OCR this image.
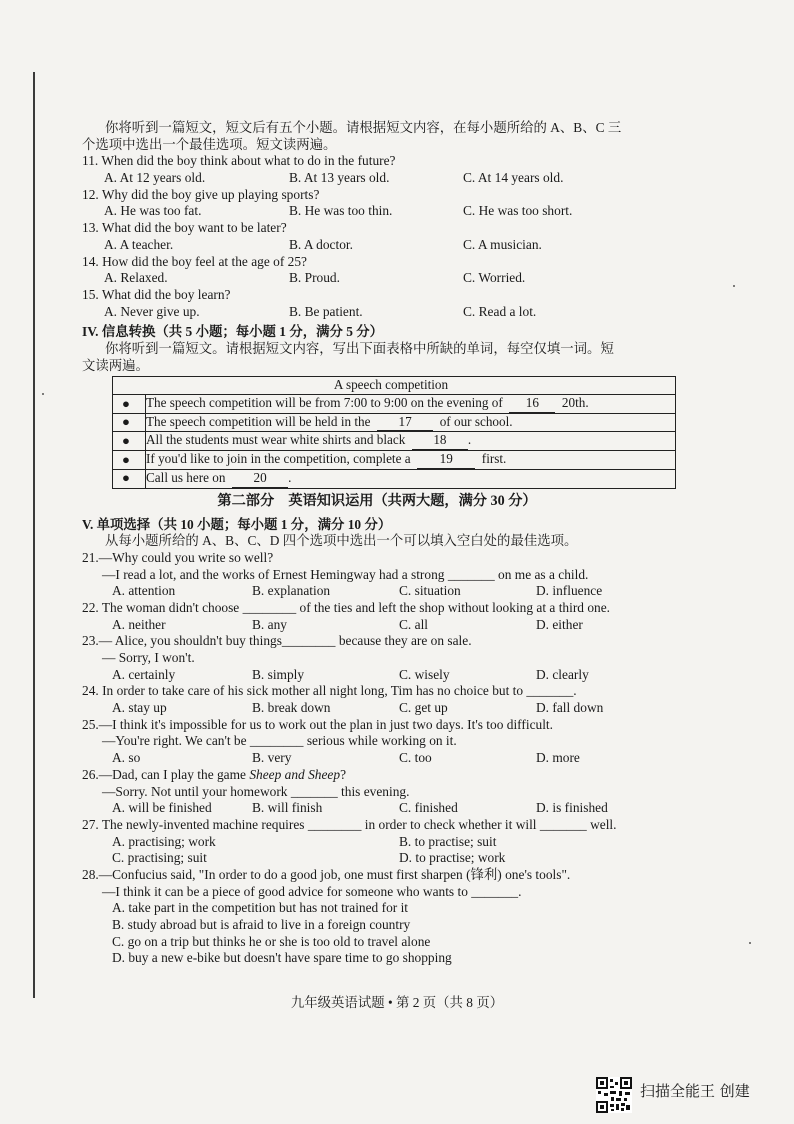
你将听到一篇短文，短文后有五个小题。请根据短文内容，在每小题所给的 A、B、C 三
个选项中选出一个最佳选项。短文读两遍。
11. When did the boy think about what to do in the future?
A. At 12 years old.	B. At 13 years old.	C. At 14 years old.
12. Why did the boy give up playing sports?
A. He was too fat.	B. He was too thin.	C. He was too short.
13. What did the boy want to be later?
A. A teacher.	B. A doctor.	C. A musician.
14. How did the boy feel at the age of 25?
A. Relaxed.	B. Proud.	C. Worried.
15. What did the boy learn?
A. Never give up.	B. Be patient.	C. Read a lot.
IV. 信息转换（共 5 小题；每小题 1 分，满分 5 分）
你将听到一篇短文。请根据短文内容，写出下面表格中所缺的单词，每空仅填一词。短
文读两遍。
A speech competition	
●	The speech competition will be from 7:00 to 9:00 on the evening of 16 20th.
●	The speech competition will be held in the 17 of our school.
●	All the students must wear white shirts and black 18 .
●	If you'd like to join in the competition, complete a 19 first.
●	Call us here on 20 .
第二部分　英语知识运用（共两大题，满分 30 分）
V. 单项选择（共 10 小题；每小题 1 分，满分 10 分）
从每小题所给的 A、B、C、D 四个选项中选出一个可以填入空白处的最佳选项。
21.—Why could you write so well?
—I read a lot, and the works of Ernest Hemingway had a strong _______ on me as a child.
A. attention	B. explanation	C. situation	D. influence
22. The woman didn't choose ________ of the ties and left the shop without looking at a third one.
A. neither	B. any	C. all	D. either
23.— Alice, you shouldn't buy things________ because they are on sale.
— Sorry, I won't.
A. certainly	B. simply	C. wisely	D. clearly
24. In order to take care of his sick mother all night long, Tim has no choice but to _______.
A. stay up	B. break down	C. get up	D. fall down
25.—I think it's impossible for us to work out the plan in just two days. It's too difficult.
—You're right. We can't be ________ serious while working on it.
A. so	B. very	C. too	D. more
26.—Dad, can I play the game Sheep and Sheep?
—Sorry. Not until your homework _______ this evening.
A. will be finished	B. will finish	C. finished	D. is finished
27. The newly-invented machine requires ________ in order to check whether it will _______ well.
A. practising; work	B. to practise; suit
C. practising; suit	D. to practise; work
28.—Confucius said, "In order to do a good job, one must first sharpen (锋利) one's tools".
—I think it can be a piece of good advice for someone who wants to _______.
A. take part in the competition but has not trained for it
B. study abroad but is afraid to live in a foreign country
C. go on a trip but thinks he or she is too old to travel alone
D. buy a new e-bike but doesn't have spare time to go shopping
九年级英语试题 • 第 2 页（共 8 页）
扫描全能王 创建
